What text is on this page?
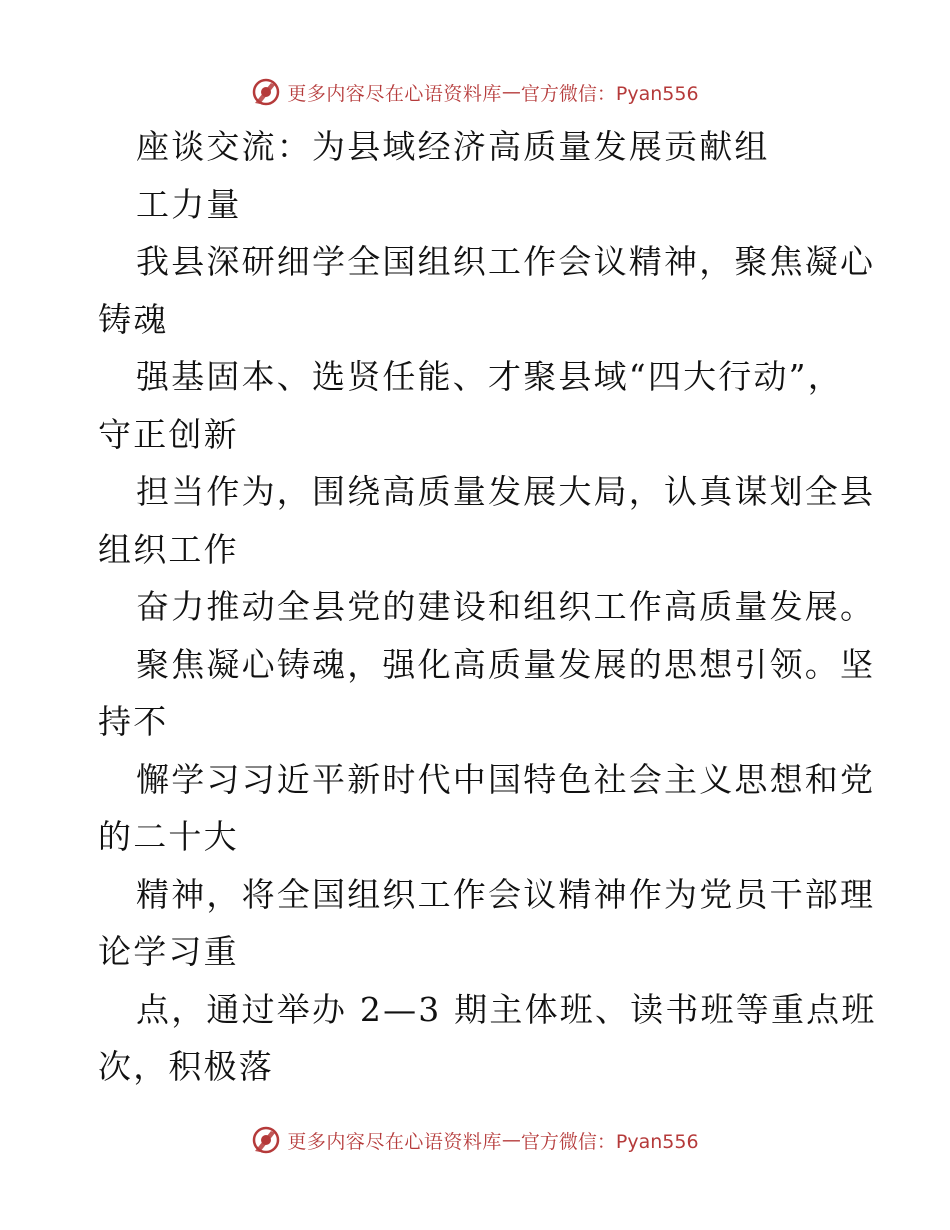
更多内容尽在心语资料库 — 官方微信：Pyan556
座谈交流：为县域经济高质量发展贡献组
工力量
我县深研细学全国组织工作会议精神，聚焦凝心
铸魂
强基固本、选贤任能、才聚县域“四大行动”，
守正创新
担当作为，围绕高质量发展大局，认真谋划全县
组织工作
奋力推动全县党的建设和组织工作高质量发展。
聚焦凝心铸魂，强化高质量发展的思想引领。坚
持不
懈学习习近平新时代中国特色社会主义思想和党
的二十大
精神，将全国组织工作会议精神作为党员干部理
论学习重
点，通过举办 2—3 期主体班、读书班等重点班
次，积极落
更多内容尽在心语资料库 — 官方微信：Pyan556
